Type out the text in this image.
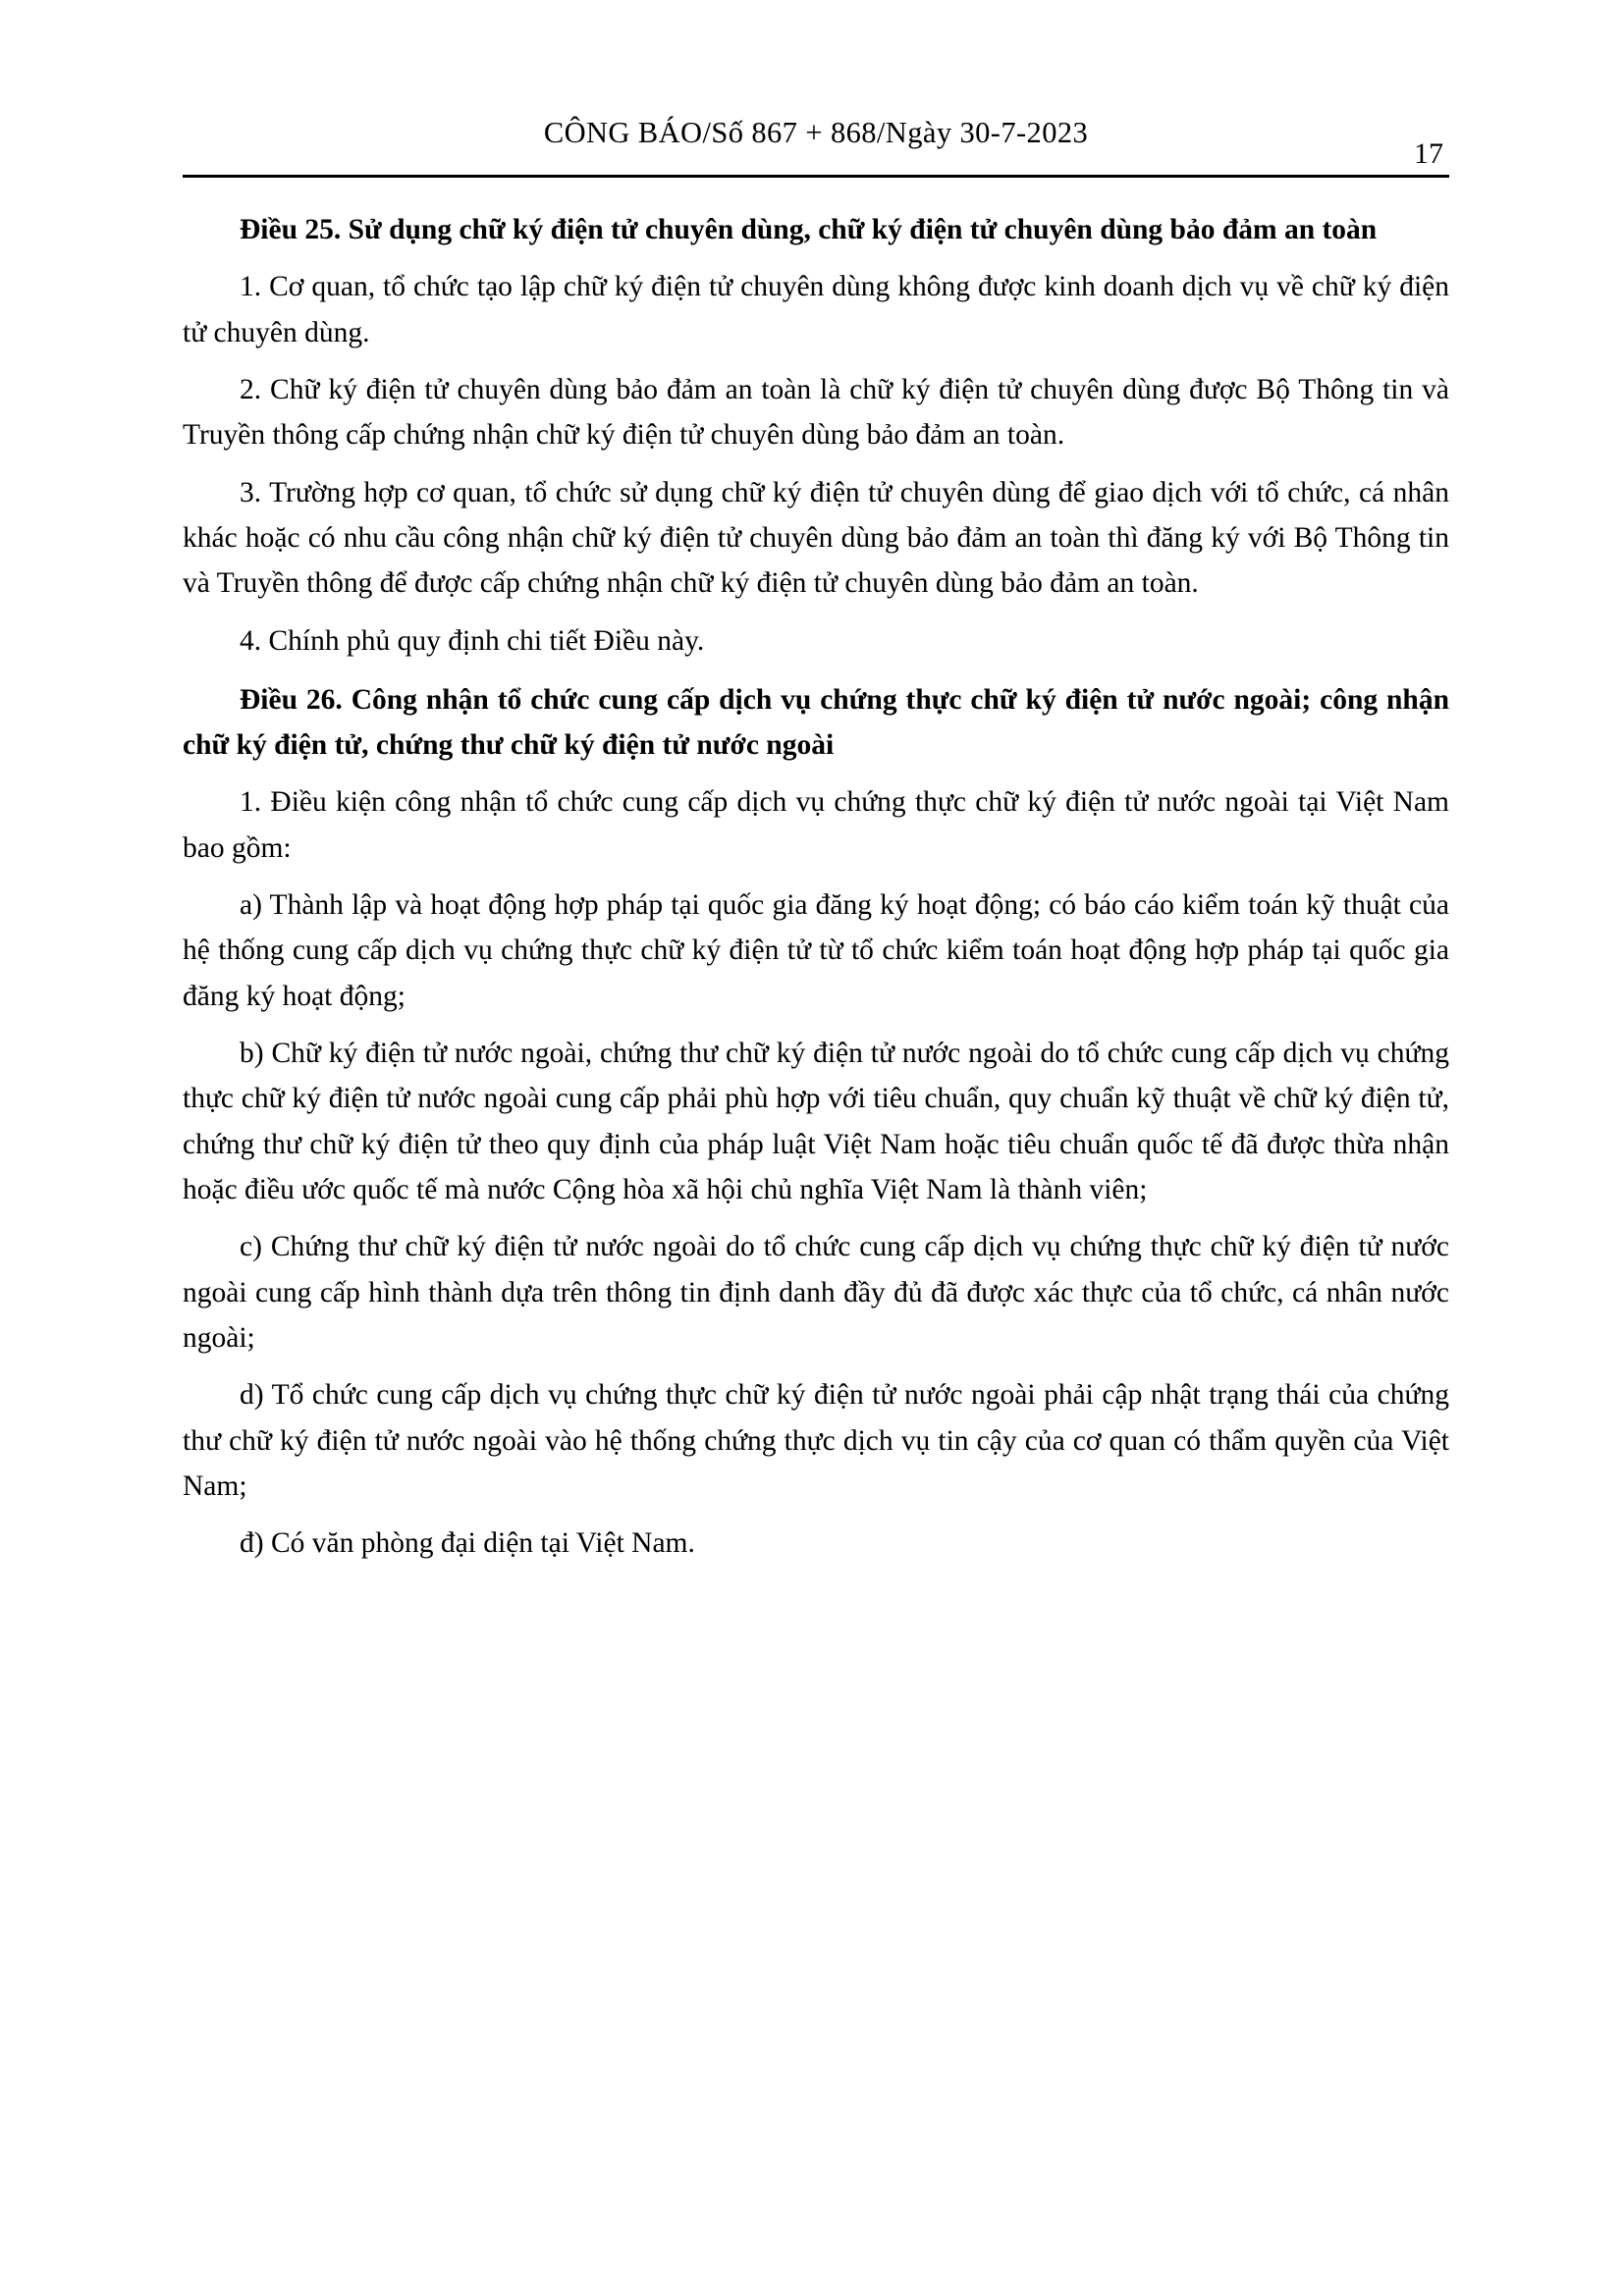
CÔNG BÁO/Số 867 + 868/Ngày 30-7-2023
17

Điều 25. Sử dụng chữ ký điện tử chuyên dùng, chữ ký điện tử chuyên dùng bảo đảm an toàn

1. Cơ quan, tổ chức tạo lập chữ ký điện tử chuyên dùng không được kinh doanh dịch vụ về chữ ký điện tử chuyên dùng.

2. Chữ ký điện tử chuyên dùng bảo đảm an toàn là chữ ký điện tử chuyên dùng được Bộ Thông tin và Truyền thông cấp chứng nhận chữ ký điện tử chuyên dùng bảo đảm an toàn.

3. Trường hợp cơ quan, tổ chức sử dụng chữ ký điện tử chuyên dùng để giao dịch với tổ chức, cá nhân khác hoặc có nhu cầu công nhận chữ ký điện tử chuyên dùng bảo đảm an toàn thì đăng ký với Bộ Thông tin và Truyền thông để được cấp chứng nhận chữ ký điện tử chuyên dùng bảo đảm an toàn.

4. Chính phủ quy định chi tiết Điều này.

Điều 26. Công nhận tổ chức cung cấp dịch vụ chứng thực chữ ký điện tử nước ngoài; công nhận chữ ký điện tử, chứng thư chữ ký điện tử nước ngoài

1. Điều kiện công nhận tổ chức cung cấp dịch vụ chứng thực chữ ký điện tử nước ngoài tại Việt Nam bao gồm:

a) Thành lập và hoạt động hợp pháp tại quốc gia đăng ký hoạt động; có báo cáo kiểm toán kỹ thuật của hệ thống cung cấp dịch vụ chứng thực chữ ký điện tử từ tổ chức kiểm toán hoạt động hợp pháp tại quốc gia đăng ký hoạt động;

b) Chữ ký điện tử nước ngoài, chứng thư chữ ký điện tử nước ngoài do tổ chức cung cấp dịch vụ chứng thực chữ ký điện tử nước ngoài cung cấp phải phù hợp với tiêu chuẩn, quy chuẩn kỹ thuật về chữ ký điện tử, chứng thư chữ ký điện tử theo quy định của pháp luật Việt Nam hoặc tiêu chuẩn quốc tế đã được thừa nhận hoặc điều ước quốc tế mà nước Cộng hòa xã hội chủ nghĩa Việt Nam là thành viên;

c) Chứng thư chữ ký điện tử nước ngoài do tổ chức cung cấp dịch vụ chứng thực chữ ký điện tử nước ngoài cung cấp hình thành dựa trên thông tin định danh đầy đủ đã được xác thực của tổ chức, cá nhân nước ngoài;

d) Tổ chức cung cấp dịch vụ chứng thực chữ ký điện tử nước ngoài phải cập nhật trạng thái của chứng thư chữ ký điện tử nước ngoài vào hệ thống chứng thực dịch vụ tin cậy của cơ quan có thẩm quyền của Việt Nam;

đ) Có văn phòng đại diện tại Việt Nam.
